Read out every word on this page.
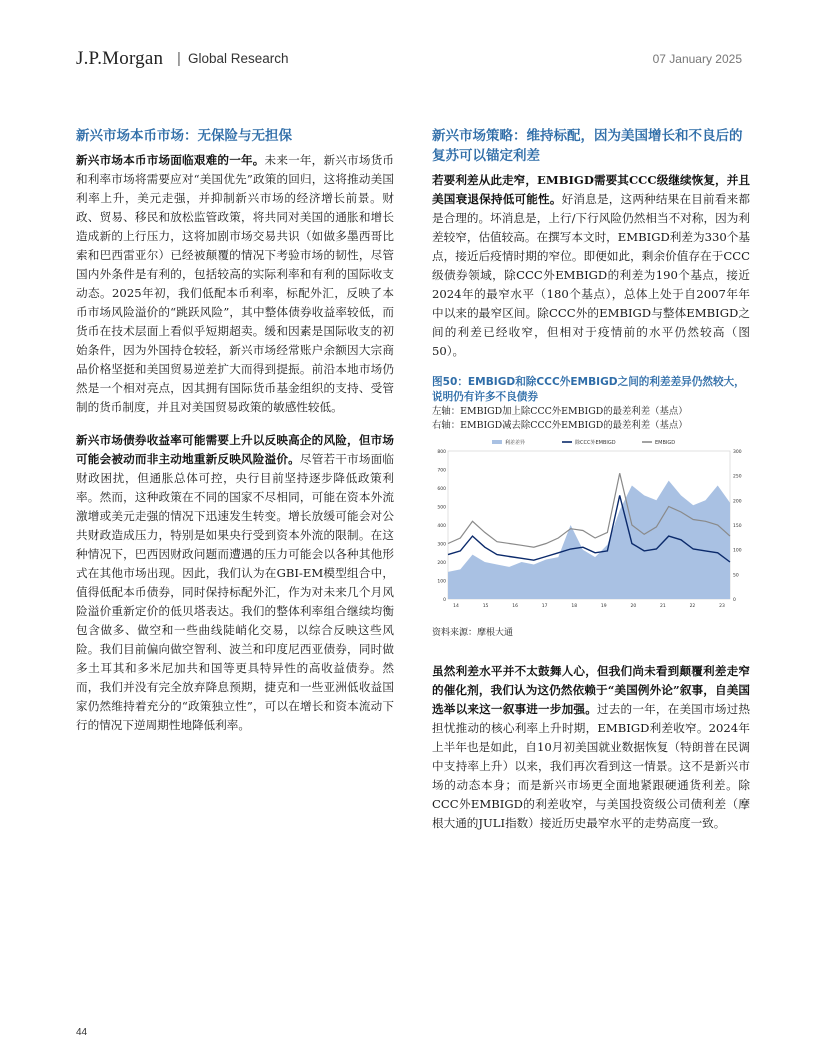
J.P.Morgan | Global Research	07 January 2025
新兴市场本币市场：无保险与无担保

新兴市场本币市场面临艰难的一年。未来一年，新兴市场货币和利率市场将需要应对“美国优先”政策的回归，这将推动美国利率上升，美元走强，并抑制新兴市场的经济增长前景。财政、贸易、移民和放松监管政策，将共同对美国的通胀和增长造成新的上行压力，这将加剧市场交易共识（如做多墨西哥比索和巴西雷亚尔）已经被颠覆的情况下考验市场的韧性，尽管国内外条件是有利的，包括较高的实际利率和有利的国际收支动态。2025年初，我们低配本币利率，标配外汇，反映了本币市场风险溢价的“跳跃风险”，其中整体债券收益率较低，而货币在技术层面上看似乎短期超卖。缓和因素是国际收支的初始条件，因为外国持仓较轻，新兴市场经常账户余额因大宗商品价格坚挺和美国贸易逆差扩大而得到提振。前沿本地市场仍然是一个相对亮点，因其拥有国际货币基金组织的支持、受管制的货币制度，并且对美国贸易政策的敏感性较低。

新兴市场债券收益率可能需要上升以反映高企的风险，但市场可能会被动而非主动地重新反映风险溢价。尽管若干市场面临财政困扰，但通胀总体可控，央行目前坚持逐步降低政策利率。然而，这种政策在不同的国家不尽相同，可能在资本外流激增或美元走强的情况下迅速发生转变。增长放缓可能会对公共财政造成压力，特别是如果央行受到资本外流的限制。在这种情况下，巴西因财政问题而遭遇的压力可能会以各种其他形式在其他市场出现。因此，我们认为在GBI-EM模型组合中，值得低配本币债券，同时保持标配外汇，作为对未来几个月风险溢价重新定价的低贝塔表达。我们的整体利率组合继续均衡包含做多、做空和一些曲线陡峭化交易，以综合反映这些风险。我们目前偏向做空智利、波兰和印度尼西亚债券，同时做多土耳其和多米尼加共和国等更具特异性的高收益债券。然而，我们并没有完全放弃降息预期，捷克和一些亚洲低收益国家仍然维持着充分的“政策独立性”，可以在增长和资本流动下行的情况下逆周期性地降低利率。

新兴市场策略：维持标配，因为美国增长和不良后的复苏可以锚定利差

若要利差从此走窄，EMBIGD需要其CCC级继续恢复，并且美国衰退保持低可能性。好消息是，这两种结果在目前看来都是合理的。坏消息是，上行/下行风险仍然相当不对称，因为利差较窄，估值较高。在撰写本文时，EMBIGD利差为330个基点，接近后疫情时期的窄位。即便如此，剩余价值存在于CCC级债券领域，除CCC外EMBIGD的利差为190个基点，接近2024年的最窄水平（180个基点），总体上处于自2007年年中以来的最窄区间。除CCC外的EMBIGD与整体EMBIGD之间的利差已经收窄，但相对于疫情前的水平仍然较高（图50）。

图50：EMBIGD和除CCC外EMBIGD之间的利差差异仍然较大，说明仍有许多不良债券
左轴：EMBIGD加上除CCC外EMBIGD的最差利差（基点）
右轴：EMBIGD减去除CCC外EMBIGD的最差利差（基点）
800
700
600
500
400
300
200
100
0
300
250
200
150
100
50
0
14	15	16	17	18	19	20	21	22	23
利差差异	除CCC外EMBIGD	EMBIGD
资料来源：摩根大通

虽然利差水平并不太鼓舞人心，但我们尚未看到颠覆利差走窄的催化剂，我们认为这仍然依赖于“美国例外论”叙事，自美国选举以来这一叙事进一步加强。过去的一年，在美国市场过热担忧推动的核心利率上升时期，EMBIGD利差收窄。2024年上半年也是如此，自10月初美国就业数据恢复（特朗普在民调中支持率上升）以来，我们再次看到这一情景。这不是新兴市场的动态本身；而是新兴市场更全面地紧跟硬通货利差。除CCC外EMBIGD的利差收窄，与美国投资级公司债利差（摩根大通的JULI指数）接近历史最窄水平的走势高度一致。

44
